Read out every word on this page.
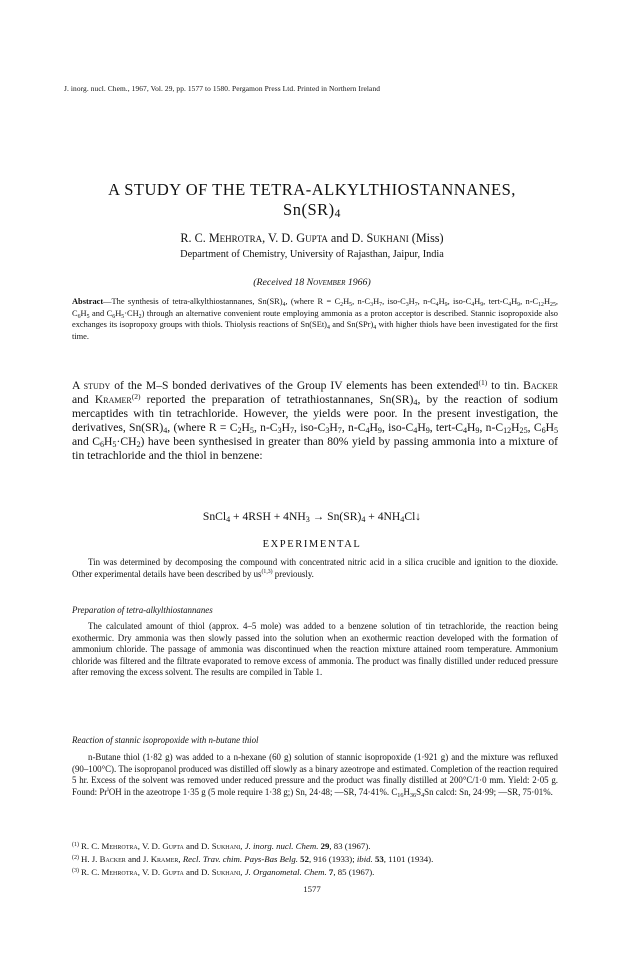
J. inorg. nucl. Chem., 1967, Vol. 29, pp. 1577 to 1580. Pergamon Press Ltd. Printed in Northern Ireland
A STUDY OF THE TETRA-ALKYLTHIOSTANNANES,
$Sn(SR)_4$
R. C. Mehrotra, V. D. Gupta and D. Sukhani (Miss)
Department of Chemistry, University of Rajasthan, Jaipur, India
(Received 18 November 1966)
Abstract—The synthesis of tetra-alkylthiostannanes, $Sn(SR)_4$, (where $R = C_2H_5$, $n-C_3H_7$, iso-$C_3H_7$, $n-C_4H_9$, iso-$C_4H_9$, tert-$C_4H_9$, $n-C_{12}H_{25}$, $C_6H_5$ and $C_6H_5\cdot CH_2$) through an alternative convenient route employing ammonia as a proton acceptor is described. Stannic isopropoxide also exchanges its isopropoxy groups with thiols. Thiolysis reactions of $Sn(SEt)_4$ and $Sn(SPr)_4$ with higher thiols have been investigated for the first time.
A study of the M–S bonded derivatives of the Group IV elements has been extended$^{(1)}$ to tin. Backer and Kramer$^{(2)}$ reported the preparation of tetrathiostannanes, $Sn(SR)_4$, by the reaction of sodium mercaptides with tin tetrachloride. However, the yields were poor. In the present investigation, the derivatives, $Sn(SR)_4$, (where $R = C_2H_5$, $n-C_3H_7$, iso-$C_3H_7$, $n-C_4H_9$, iso-$C_4H_9$, tert-$C_4H_9$, $n-C_{12}H_{25}$, $C_6H_5$ and $C_6H_5\cdot CH_2$) have been synthesised in greater than 80% yield by passing ammonia into a mixture of tin tetrachloride and the thiol in benzene:
SnCl$_4$ + $4RSH + 4NH_3 \to Sn(SR)_4$ + $4NH_4Cl↓$
EXPERIMENTAL
Tin was determined by decomposing the compound with concentrated nitric acid in a silica crucible and ignition to the dioxide. Other experimental details have been described by us$^{(1,3)}$ previously.
Preparation of tetra-alkylthiostannanes
The calculated amount of thiol (approx. 4–5 mole) was added to a benzene solution of tin tetrachloride, the reaction being exothermic. Dry ammonia was then slowly passed into the solution when an exothermic reaction developed with the formation of ammonium chloride. The passage of ammonia was discontinued when the reaction mixture attained room temperature. Ammonium chloride was filtered and the filtrate evaporated to remove excess of ammonia. The product was finally distilled under reduced pressure after removing the excess solvent. The results are compiled in Table 1.
Reaction of stannic isopropoxide with n-butane thiol
n-Butane thiol (1·82 g) was added to a n-hexane (60 g) solution of stannic isopropoxide (1·921 g) and the mixture was refluxed (90–100°C). The isopropanol produced was distilled off slowly as a binary azeotrope and estimated. Completion of the reaction required 5 hr. Excess of the solvent was removed under reduced pressure and the product was finally distilled at 200°C/1·0 mm. Yield: 2·05 g. Found: Pr$^i$OH in the azeotrope 1·35 g (5 mole require 1·38 g;) Sn, 24·48; —SR, 74·41%. $C_{16}H_{36}S_4Sn$ calcd: Sn, 24·99; —SR, 75·01%.
$^{(1)}$ R. C. Mehrotra, V. D. Gupta and D. Sukhani, J. inorg. nucl. Chem. 29, 83 (1967).
$^{(2)}$ H. J. Backer and J. Kramer, Recl. Trav. chim. Pays-Bas Belg. 52, 916 (1933); ibid. 53, 1101 (1934).
$^{(3)}$ R. C. Mehrotra, V. D. Gupta and D. Sukhani, J. Organometal. Chem. 7, 85 (1967).
1577
